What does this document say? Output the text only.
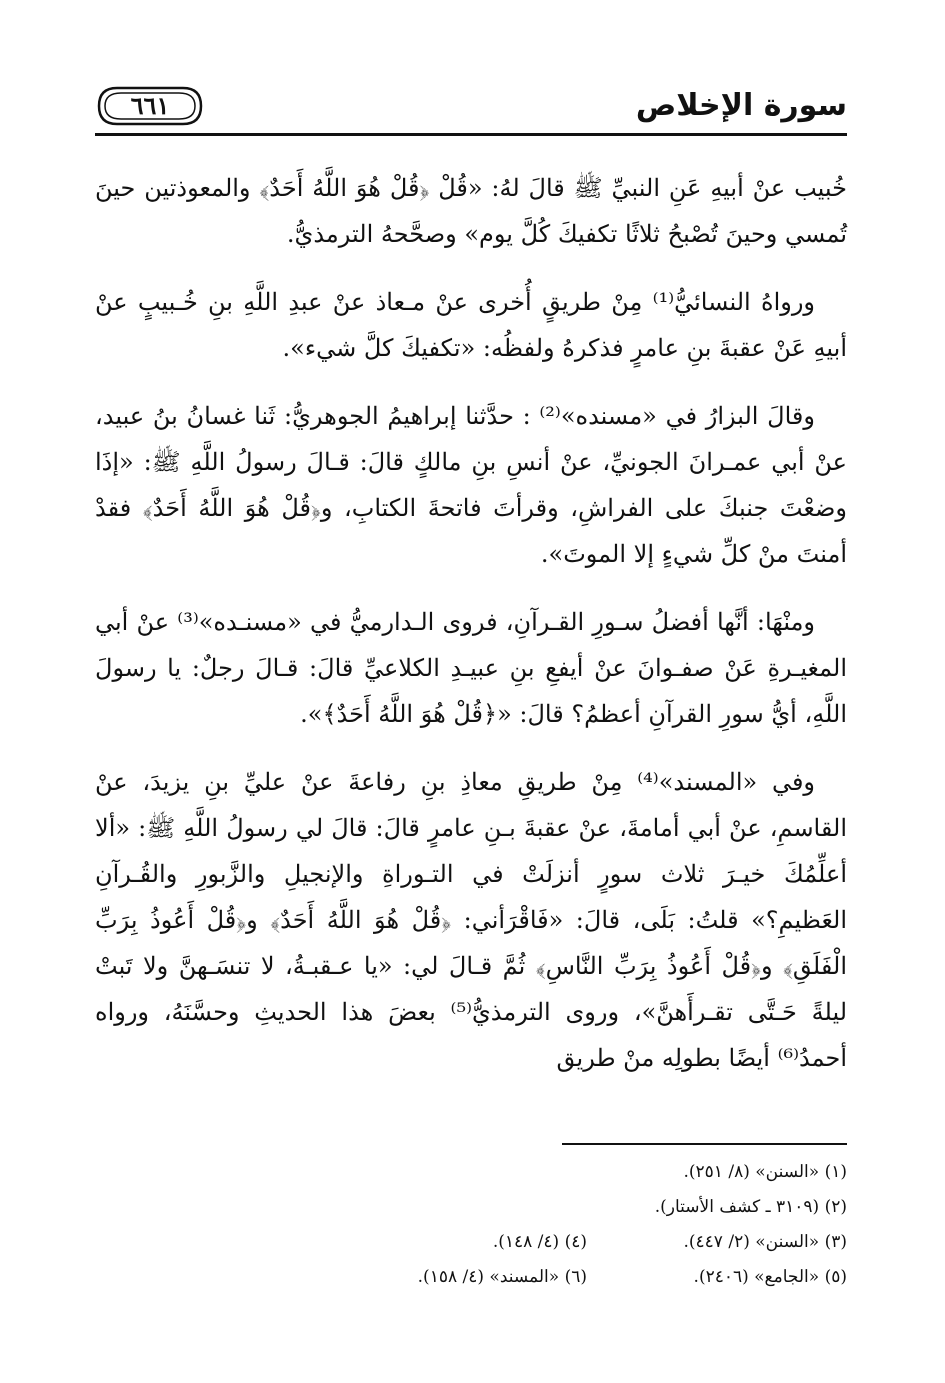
سورة الإخلاص
٦٦١

خُبيب عنْ أبيهِ عَنِ النبيِّ ﷺ قالَ لهُ: «قُلْ ﴿قُلْ هُوَ اللَّهُ أَحَدٌ﴾ والمعوذتين حينَ تُمسي وحينَ تُصْبحُ ثلاثًا تكفيكَ كُلَّ يوم» وصحَّحهُ الترمذيُّ.

ورواهُ النسائيُّ⁽¹⁾ مِنْ طريقٍ أُخرى عنْ مـعاذ عنْ عبدِ اللَّهِ بنِ خُـبيبٍ عنْ أبيهِ عَنْ عقبةَ بنِ عامرٍ فذكرهُ ولفظُه: «تكفيكَ كلَّ شيء».

وقالَ البزارُ في «مسنده»⁽²⁾ : حدَّثنا إبراهيمُ الجوهريُّ: ثَنا غسانُ بنُ عبيد، عنْ أبي عمـرانَ الجونيِّ، عنْ أنسِ بنِ مالكٍ قالَ: قـالَ رسولُ اللَّهِ ﷺ: «إذَا وضعْتَ جنبكَ على الفراشِ، وقرأتَ فاتحةَ الكتابِ، و﴿قُلْ هُوَ اللَّهُ أَحَدٌ﴾ فقدْ أمنتَ منْ كلِّ شيءٍ إلا الموتَ».

ومنْهَا: أنَّها أفضلُ سـورِ القـرآنِ، فروى الـدارميُّ في «مسنـده»⁽³⁾ عنْ أبي المغيـرةِ عَنْ صفـوانَ عنْ أيفعِ بنِ عبيـدِ الكلاعيِّ قالَ: قـالَ رجلٌ: يا رسولَ اللَّهِ، أيُّ سورِ القرآنِ أعظمُ؟ قالَ: «﴿قُلْ هُوَ اللَّهُ أَحَدٌ﴾».

وفي «المسند»⁽⁴⁾ مِنْ طريقِ معاذِ بنِ رفاعةَ عنْ عليِّ بنِ يزيدَ، عنْ القاسمِ، عنْ أبي أمامةَ، عنْ عقبةَ بـنِ عامرٍ قالَ: قالَ لي رسولُ اللَّهِ ﷺ: «ألا أعلِّمُكَ خيـرَ ثلاث سورٍ أنزلَتْ في التـوراةِ والإنجيلِ والزَّبورِ والقُـرآنِ العَظيمِ؟» قلتُ: بَلَى، قالَ: «فَاقْرَأني: ﴿قُلْ هُوَ اللَّهُ أَحَدٌ﴾ و﴿قُلْ أَعُوذُ بِرَبِّ الْفَلَقِ﴾ و﴿قُلْ أَعُوذُ بِرَبِّ النَّاسِ﴾ ثُمَّ قـالَ لي: «يا عـقبـةُ، لا تنسَـهنَّ ولا تَبتْ ليلةً حَـتَّى تقـرأَهنَّ»، وروى الترمذيُّ⁽⁵⁾ بعضَ هذا الحديثِ وحسَّنَهُ، ورواه أحمدُ⁽⁶⁾ أيضًا بطولِه منْ طريق

(١) «السنن» (٨/ ٢٥١).
(٢) (٣١٠٩ ـ كشف الأستار).
(٣) «السنن» (٢/ ٤٤٧).
(٤) (٤/ ١٤٨).
(٥) «الجامع» (٢٤٠٦).
(٦) «المسند» (٤/ ١٥٨).
